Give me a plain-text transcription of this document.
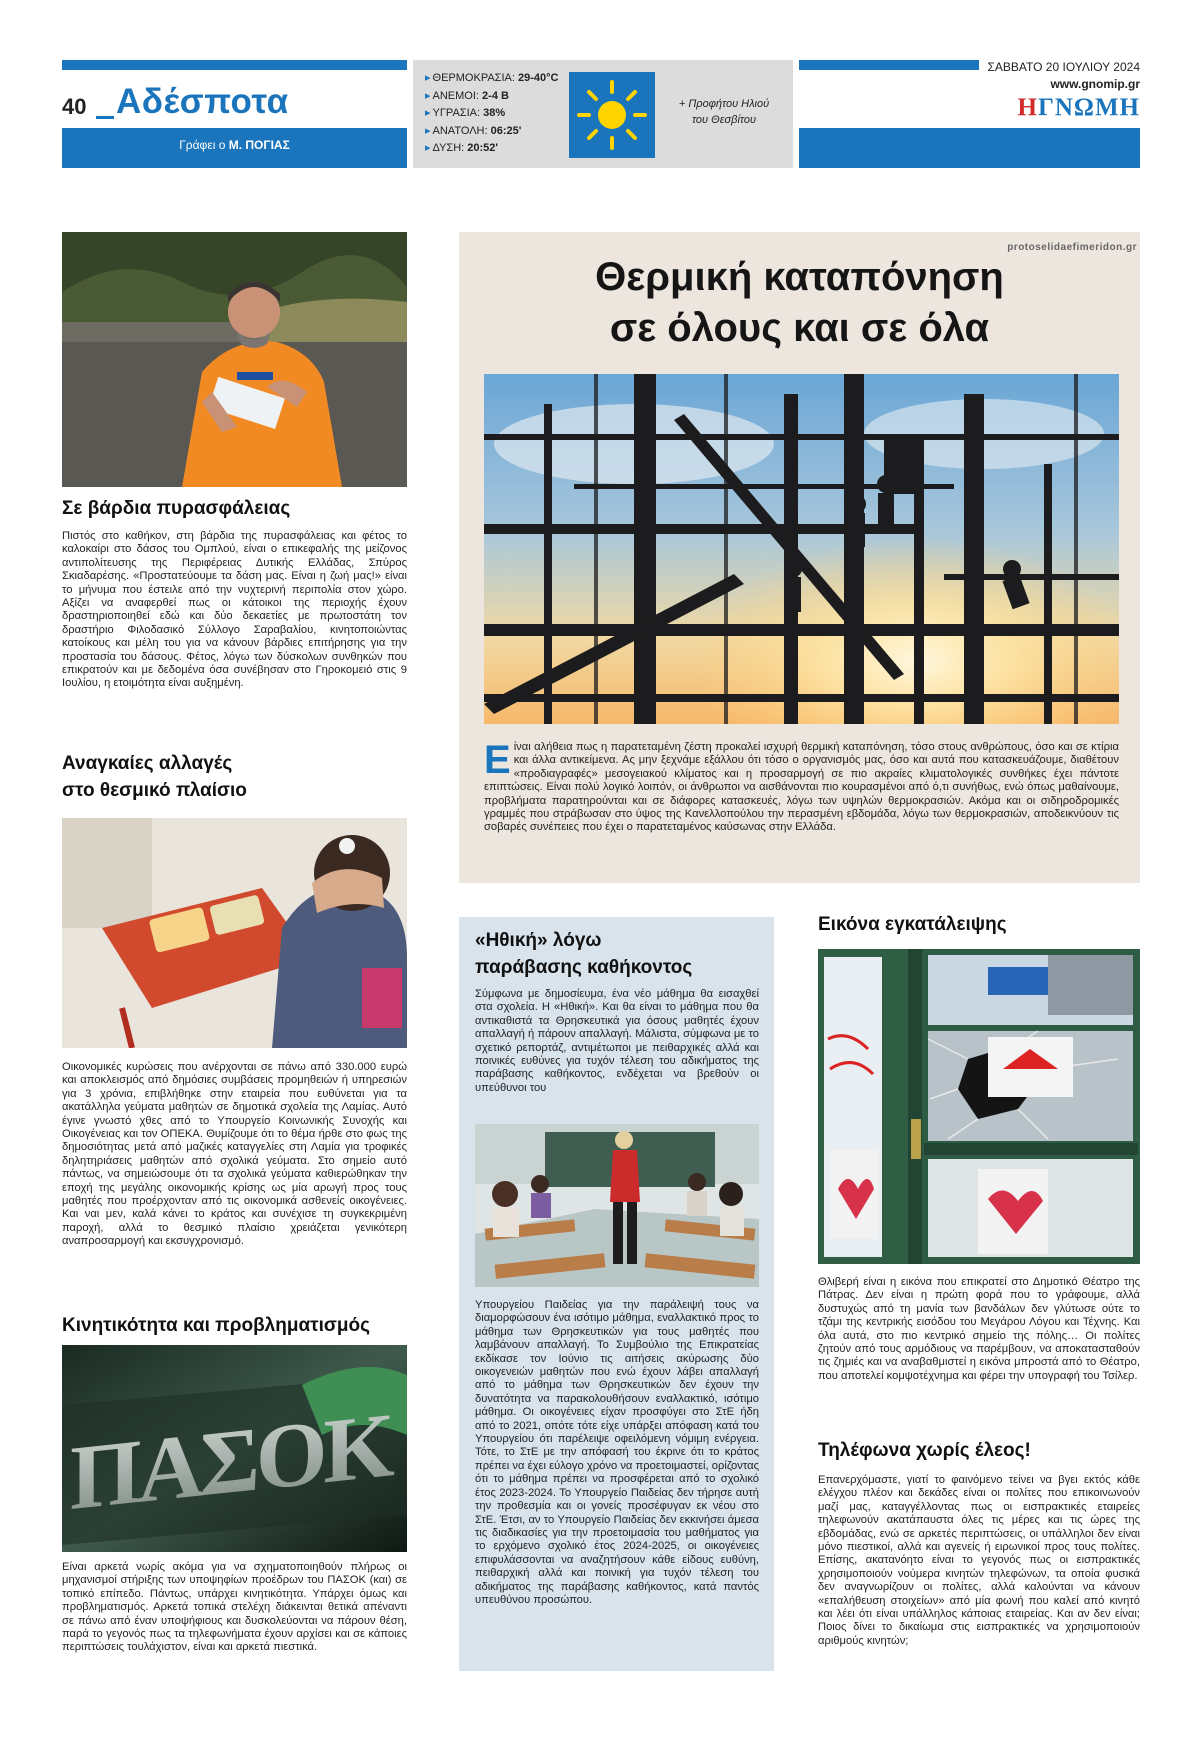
40 Αδέσποτα
Γράφει ο Μ. ΠΟΓΙΑΣ
▸ ΘΕΡΜΟΚΡΑΣΙΑ: 29-40°C
▸ ΑΝΕΜΟΙ: 2-4 Β
▸ ΥΓΡΑΣΙΑ: 38%
▸ ΑΝΑΤΟΛΗ: 06:25'
▸ ΔΥΣΗ: 20:52'
+ Προφήτου Ηλιού
του Θεσβίτου
ΣΑΒΒΑΤΟ 20 ΙΟΥΛΙΟΥ 2024
www.gnomip.gr
ΗΓΝΩΜΗ
Σε βάρδια πυρασφάλειας
Πιστός στο καθήκον, στη βάρδια της πυρασφάλειας και φέτος το καλοκαίρι στο δάσος του Ομπλού, είναι ο επικεφαλής της μείζονος αντιπολίτευσης της Περιφέρειας Δυτικής Ελλάδας, Σπύρος Σκιαδαρέσης. «Προστατεύουμε τα δάση μας. Είναι η ζωή μας!» είναι το μήνυμα που έστειλε από την νυχτερινή περιπολία στον χώρο. Αξίζει να αναφερθεί πως οι κάτοικοι της περιοχής έχουν δραστηριοποιηθεί εδώ και δύο δεκαετίες με πρωτοστάτη τον δραστήριο Φιλοδασικό Σύλλογο Σαραβαλίου, κινητοποιώντας κατοίκους και μέλη του για να κάνουν βάρδιες επιτήρησης για την προστασία του δάσους. Φέτος, λόγω των δύσκολων συνθηκών που επικρατούν και με δεδομένα όσα συνέβησαν στο Γηροκομειό στις 9 Ιουλίου, η ετοιμότητα είναι αυξημένη.
Αναγκαίες αλλαγές
στο θεσμικό πλαίσιο
Οικονομικές κυρώσεις που ανέρχονται σε πάνω από 330.000 ευρώ και αποκλεισμός από δημόσιες συμβάσεις προμηθειών ή υπηρεσιών για 3 χρόνια, επιβλήθηκε στην εταιρεία που ευθύνεται για τα ακατάλληλα γεύματα μαθητών σε δημοτικά σχολεία της Λαμίας. Αυτό έγινε γνωστό χθες από το Υπουργείο Κοινωνικής Συνοχής και Οικογένειας και τον ΟΠΕΚΑ. Θυμίζουμε ότι το θέμα ήρθε στο φως της δημοσιότητας μετά από μαζικές καταγγελίες στη Λαμία για τροφικές δηλητηριάσεις μαθητών από σχολικά γεύματα. Στο σημείο αυτό πάντως, να σημειώσουμε ότι τα σχολικά γεύματα καθιερώθηκαν την εποχή της μεγάλης οικονομικής κρίσης ως μία αρωγή προς τους μαθητές που προέρχονταν από τις οικονομικά ασθενείς οικογένειες. Και ναι μεν, καλά κάνει το κράτος και συνέχισε τη συγκεκριμένη παροχή, αλλά το θεσμικό πλαίσιο χρειάζεται γενικότερη αναπροσαρμογή και εκσυγχρονισμό.
Κινητικότητα και προβληματισμός
ΠΑΣΟΚ
Είναι αρκετά νωρίς ακόμα για να σχηματοποιηθούν πλήρως οι μηχανισμοί στήριξης των υποψηφίων προέδρων του ΠΑΣΟΚ (και) σε τοπικό επίπεδο. Πάντως, υπάρχει κινητικότητα. Υπάρχει όμως και προβληματισμός. Αρκετά τοπικά στελέχη διάκεινται θετικά απέναντι σε πάνω από έναν υποψήφιους και δυσκολεύονται να πάρουν θέση, παρά το γεγονός πως τα τηλεφωνήματα έχουν αρχίσει και σε κάποιες περιπτώσεις τουλάχιστον, είναι και αρκετά πιεστικά.
protoselidaefimeridon.gr
Θερμική καταπόνηση
σε όλους και σε όλα
Είναι αλήθεια πως η παρατεταμένη ζέστη προκαλεί ισχυρή θερμική καταπόνηση, τόσο στους ανθρώπους, όσο και σε κτίρια και άλλα αντικείμενα. Ας μην ξεχνάμε εξάλλου ότι τόσο ο οργανισμός μας, όσο και αυτά που κατασκευάζουμε, διαθέτουν «προδιαγραφές» μεσογειακού κλίματος και η προσαρμογή σε πιο ακραίες κλιματολογικές συνθήκες έχει πάντοτε επιπτώσεις. Είναι πολύ λογικό λοιπόν, οι άνθρωποι να αισθάνονται πιο κουρασμένοι από ό,τι συνήθως, ενώ όπως μαθαίνουμε, προβλήματα παρατηρούνται και σε διάφορες κατασκευές, λόγω των υψηλών θερμοκρασιών. Ακόμα και οι σιδηροδρομικές γραμμές που στράβωσαν στο ύψος της Κανελλοπούλου την περασμένη εβδομάδα, λόγω των θερμοκρασιών, αποδεικνύουν τις σοβαρές συνέπειες που έχει ο παρατεταμένος καύσωνας στην Ελλάδα.
«Ηθική» λόγω
παράβασης καθήκοντος
Σύμφωνα με δημοσίευμα, ένα νέο μάθημα θα εισαχθεί στα σχολεία. Η «Ηθική». Και θα είναι το μάθημα που θα αντικαθιστά τα Θρησκευτικά για όσους μαθητές έχουν απαλλαγή ή πάρουν απαλλαγή. Μάλιστα, σύμφωνα με το σχετικό ρεπορτάζ, αντιμέτωποι με πειθαρχικές αλλά και ποινικές ευθύνες για τυχόν τέλεση του αδικήματος της παράβασης καθήκοντος, ενδέχεται να βρεθούν οι υπεύθυνοι του
Υπουργείου Παιδείας για την παράλειψή τους να διαμορφώσουν ένα ισότιμο μάθημα, εναλλακτικό προς το μάθημα των Θρησκευτικών για τους μαθητές που λαμβάνουν απαλλαγή. Το Συμβούλιο της Επικρατείας εκδίκασε τον Ιούνιο τις αιτήσεις ακύρωσης δύο οικογενειών μαθητών που ενώ έχουν λάβει απαλλαγή από το μάθημα των Θρησκευτικών δεν έχουν την δυνατότητα να παρακολουθήσουν εναλλακτικό, ισότιμο μάθημα. Οι οικογένειες είχαν προσφύγει στο ΣτΕ ήδη από το 2021, οπότε τότε είχε υπάρξει απόφαση κατά του Υπουργείου ότι παρέλειψε οφειλόμενη νόμιμη ενέργεια. Τότε, το ΣτΕ με την απόφασή του έκρινε ότι το κράτος πρέπει να έχει εύλογο χρόνο να προετοιμαστεί, ορίζοντας ότι το μάθημα πρέπει να προσφέρεται από το σχολικό έτος 2023-2024. Το Υπουργείο Παιδείας δεν τήρησε αυτή την προθεσμία και οι γονείς προσέφυγαν εκ νέου στο ΣτΕ. Έτσι, αν το Υπουργείο Παιδείας δεν εκκινήσει άμεσα τις διαδικασίες για την προετοιμασία του μαθήματος για το ερχόμενο σχολικό έτος 2024-2025, οι οικογένειες επιφυλάσσονται να αναζητήσουν κάθε είδους ευθύνη, πειθαρχική αλλά και ποινική για τυχόν τέλεση του αδικήματος της παράβασης καθήκοντος, κατά παντός υπευθύνου προσώπου.
Εικόνα εγκατάλειψης
Θλιβερή είναι η εικόνα που επικρατεί στο Δημοτικό Θέατρο της Πάτρας. Δεν είναι η πρώτη φορά που το γράφουμε, αλλά δυστυχώς από τη μανία των βανδάλων δεν γλύτωσε ούτε το τζάμι της κεντρικής εισόδου του Μεγάρου Λόγου και Τέχνης. Και όλα αυτά, στο πιο κεντρικό σημείο της πόλης… Οι πολίτες ζητούν από τους αρμόδιους να παρέμβουν, να αποκατασταθούν τις ζημιές και να αναβαθμιστεί η εικόνα μπροστά από το Θέατρο, που αποτελεί κομψοτέχνημα και φέρει την υπογραφή του Τσίλερ.
Τηλέφωνα χωρίς έλεος!
Επανερχόμαστε, γιατί το φαινόμενο τείνει να βγει εκτός κάθε ελέγχου πλέον και δεκάδες είναι οι πολίτες που επικοινωνούν μαζί μας, καταγγέλλοντας πως οι εισπρακτικές εταιρείες τηλεφωνούν ακατάπαυστα όλες τις μέρες και τις ώρες της εβδομάδας, ενώ σε αρκετές περιπτώσεις, οι υπάλληλοι δεν είναι μόνο πιεστικοί, αλλά και αγενείς ή ειρωνικοί προς τους πολίτες. Επίσης, ακατανόητο είναι το γεγονός πως οι εισπρακτικές χρησιμοποιούν νούμερα κινητών τηλεφώνων, τα οποία φυσικά δεν αναγνωρίζουν οι πολίτες, αλλά καλούνται να κάνουν «επαλήθευση στοιχείων» από μία φωνή που καλεί από κινητό και λέει ότι είναι υπάλληλος κάποιας εταιρείας. Και αν δεν είναι; Ποιος δίνει το δικαίωμα στις εισπρακτικές να χρησιμοποιούν αριθμούς κινητών;
